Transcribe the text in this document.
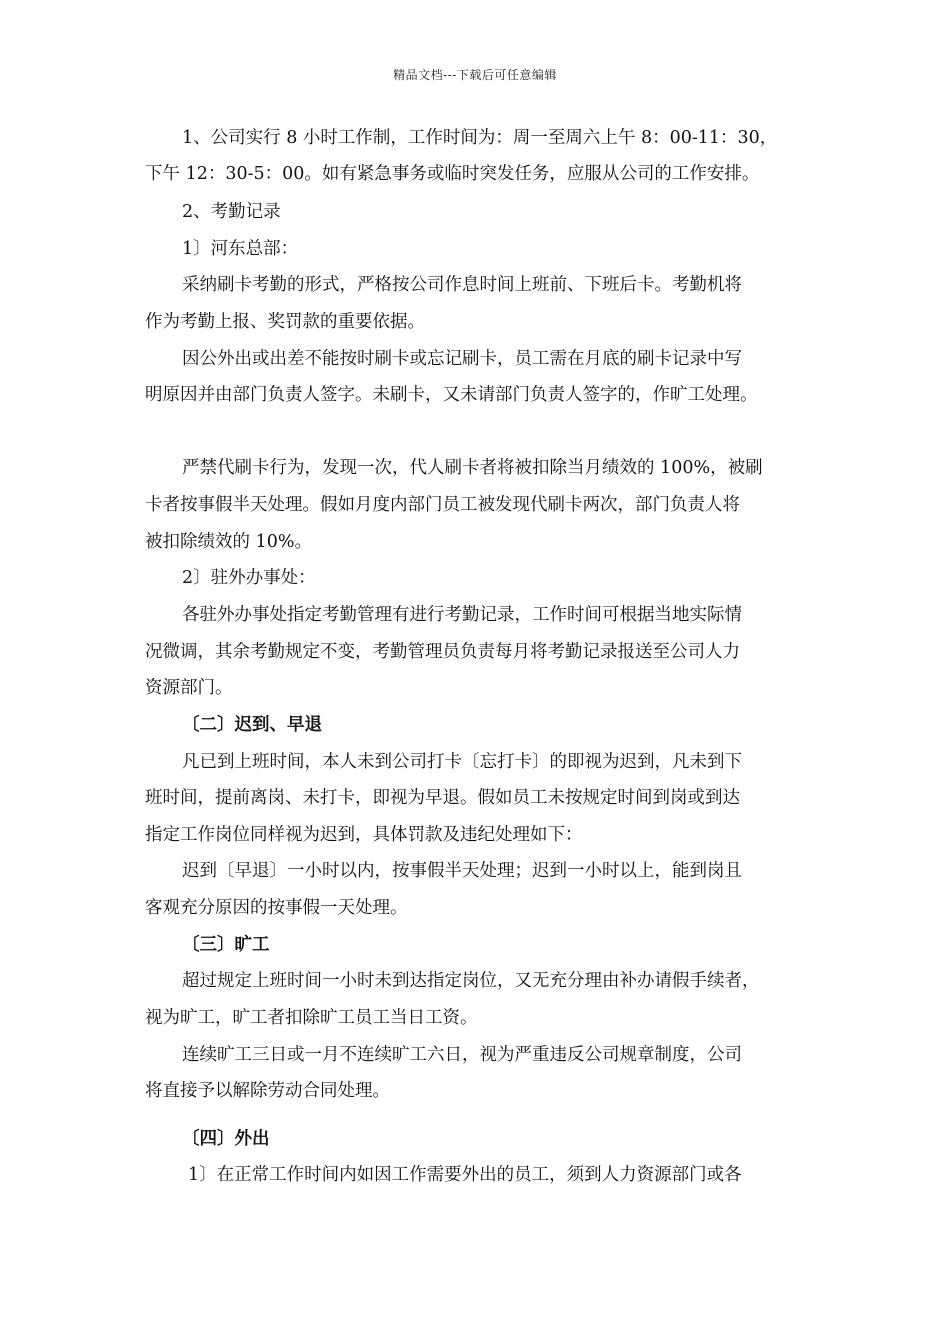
精品文档---下载后可任意编辑
1、公司实行 8 小时工作制，工作时间为：周一至周六上午 8：00-11：30，
下午 12：30-5：00。如有紧急事务或临时突发任务，应服从公司的工作安排。
2、考勤记录
1〕河东总部：
采纳刷卡考勤的形式，严格按公司作息时间上班前、下班后卡。考勤机将
作为考勤上报、奖罚款的重要依据。
因公外出或出差不能按时刷卡或忘记刷卡，员工需在月底的刷卡记录中写
明原因并由部门负责人签字。未刷卡，又未请部门负责人签字的，作旷工处理。
严禁代刷卡行为，发现一次，代人刷卡者将被扣除当月绩效的 100%，被刷
卡者按事假半天处理。假如月度内部门员工被发现代刷卡两次，部门负责人将
被扣除绩效的 10%。
2〕驻外办事处：
各驻外办事处指定考勤管理有进行考勤记录，工作时间可根据当地实际情
况微调，其余考勤规定不变，考勤管理员负责每月将考勤记录报送至公司人力
资源部门。
〔二〕迟到、早退
凡已到上班时间，本人未到公司打卡〔忘打卡〕的即视为迟到，凡未到下
班时间，提前离岗、未打卡，即视为早退。假如员工未按规定时间到岗或到达
指定工作岗位同样视为迟到，具体罚款及违纪处理如下：
迟到〔早退〕一小时以内，按事假半天处理；迟到一小时以上，能到岗且
客观充分原因的按事假一天处理。
〔三〕旷工
超过规定上班时间一小时未到达指定岗位，又无充分理由补办请假手续者，
视为旷工，旷工者扣除旷工员工当日工资。
连续旷工三日或一月不连续旷工六日，视为严重违反公司规章制度，公司
将直接予以解除劳动合同处理。
〔四〕外出
1〕在正常工作时间内如因工作需要外出的员工，须到人力资源部门或各
